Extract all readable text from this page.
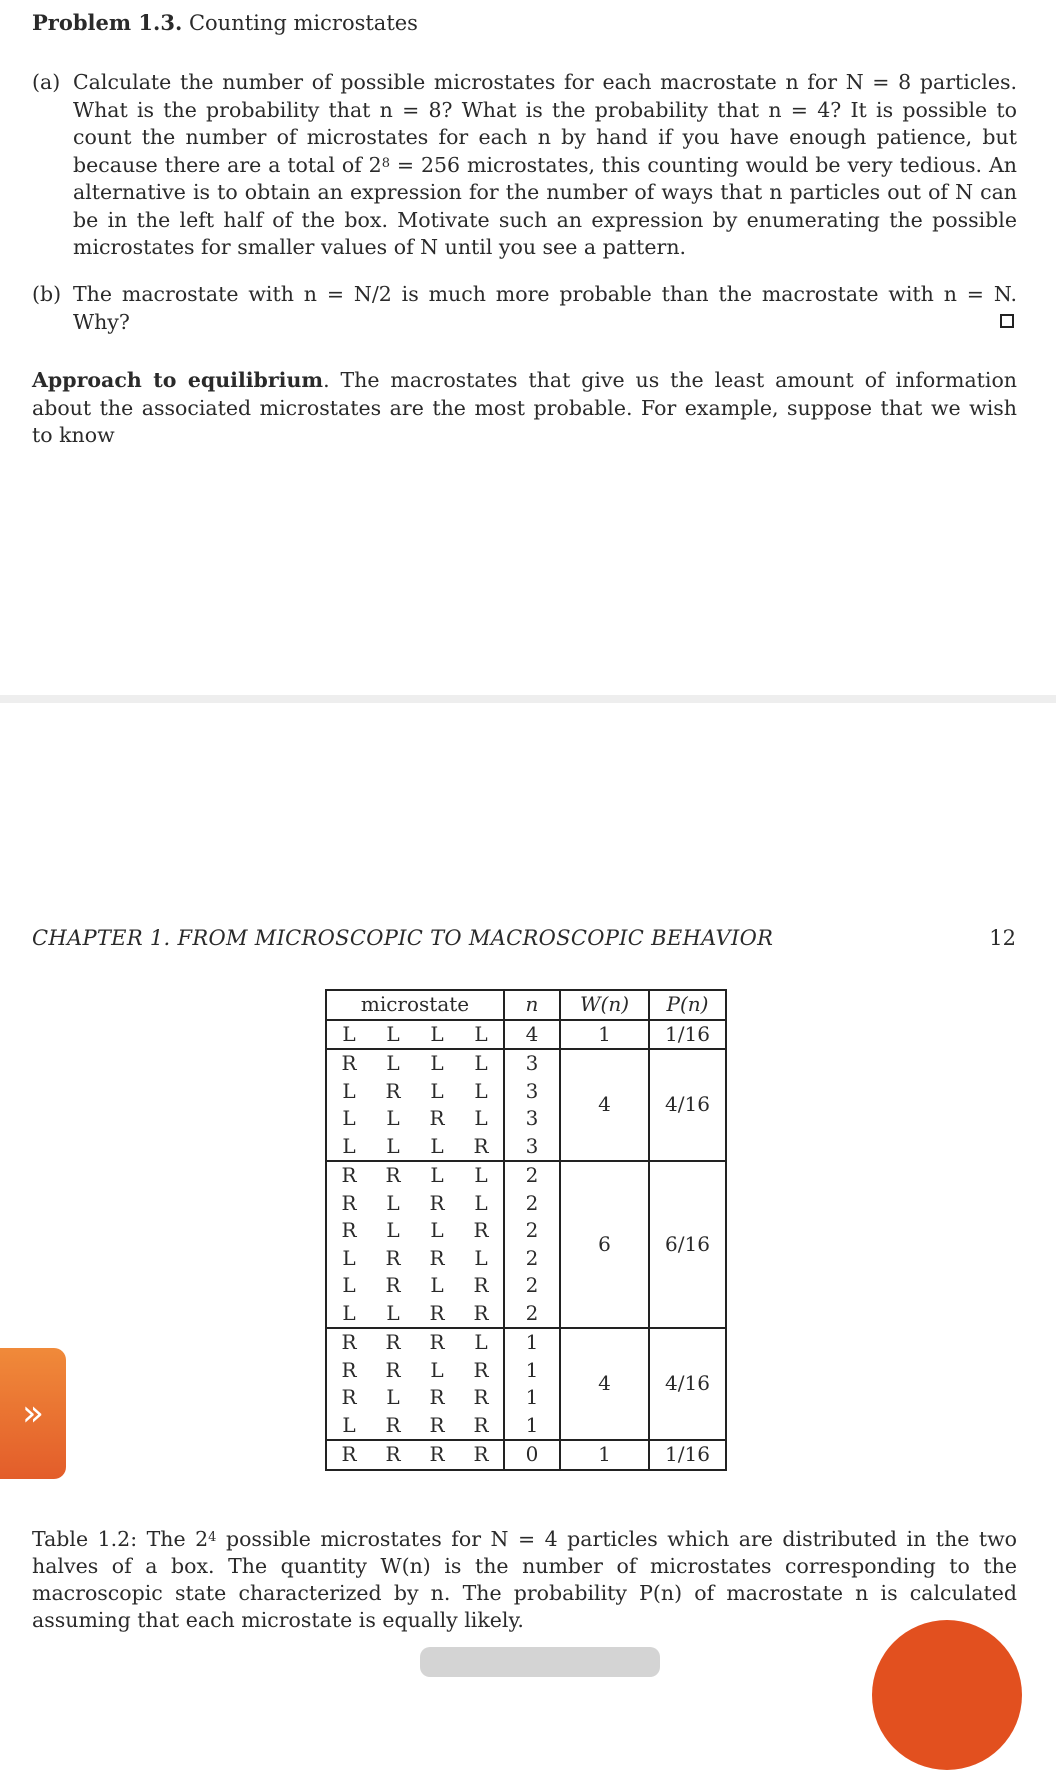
Problem 1.3. Counting microstates
(a) Calculate the number of possible microstates for each macrostate n for N = 8 particles. What is the probability that n = 8? What is the probability that n = 4? It is possible to count the number of microstates for each n by hand if you have enough patience, but because there are a total of $2^8 = 256$ microstates, this counting would be very tedious. An alternative is to obtain an expression for the number of ways that n particles out of N can be in the left half of the box. Motivate such an expression by enumerating the possible microstates for smaller values of N until you see a pattern.
(b) The macrostate with n = N/2 is much more probable than the macrostate with n = N. Why?
Approach to equilibrium. The macrostates that give us the least amount of information about the associated microstates are the most probable. For example, suppose that we wish to know
CHAPTER 1. FROM MICROSCOPIC TO MACROSCOPIC BEHAVIOR	12
microstate				n	W(n)	P(n)
L	L	L	L	4	1	1/16
R	L	L	L	3	4	4/16
L	R	L	L	3		
L	L	R	L	3		
L	L	L	R	3		
R	R	L	L	2	6	6/16
R	L	R	L	2		
R	L	L	R	2		
L	R	R	L	2		
L	R	L	R	2		
L	L	R	R	2		
R	R	R	L	1	4	4/16
R	R	L	R	1		
R	L	R	R	1		
L	R	R	R	1		
R	R	R	R	0	1	1/16
Table 1.2: The $2^4$ possible microstates for N = 4 particles which are distributed in the two halves of a box. The quantity W(n) is the number of microstates corresponding to the macroscopic state characterized by n. The probability P(n) of macrostate n is calculated assuming that each microstate is equally likely.
»
